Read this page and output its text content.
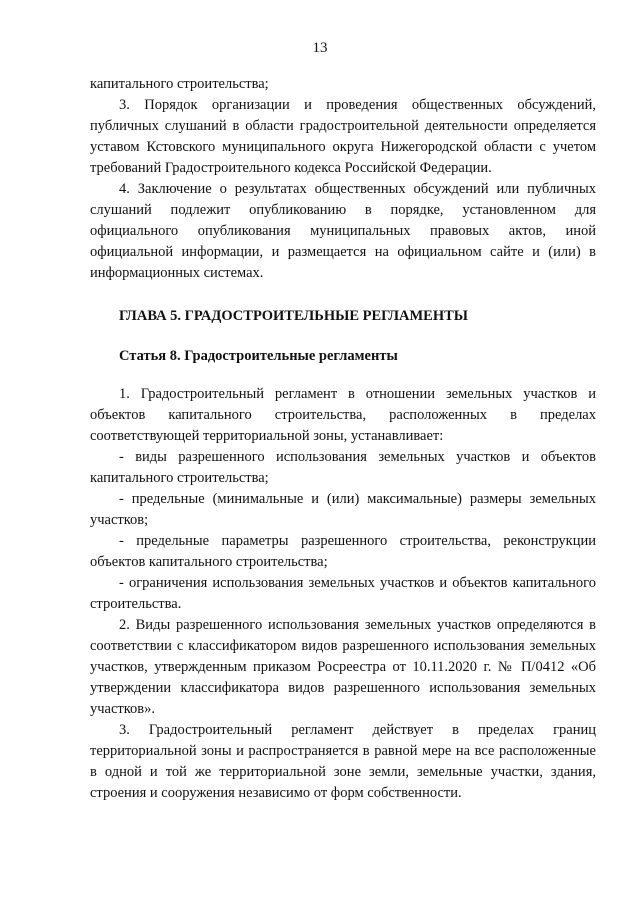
13

капитального строительства;

3. Порядок организации и проведения общественных обсуждений, публичных слушаний в области градостроительной деятельности определяется уставом Кстовского муниципального округа Нижегородской области с учетом требований Градостроительного кодекса Российской Федерации.

4. Заключение о результатах общественных обсуждений или публичных слушаний подлежит опубликованию в порядке, установленном для официального опубликования муниципальных правовых актов, иной официальной информации, и размещается на официальном сайте и (или) в информационных системах.

ГЛАВА 5. ГРАДОСТРОИТЕЛЬНЫЕ РЕГЛАМЕНТЫ

Статья 8. Градостроительные регламенты

1. Градостроительный регламент в отношении земельных участков и объектов капитального строительства, расположенных в пределах соответствующей территориальной зоны, устанавливает:

- виды разрешенного использования земельных участков и объектов капитального строительства;

- предельные (минимальные и (или) максимальные) размеры земельных участков;

- предельные параметры разрешенного строительства, реконструкции объектов капитального строительства;

- ограничения использования земельных участков и объектов капитального строительства.

2. Виды разрешенного использования земельных участков определяются в соответствии с классификатором видов разрешенного использования земельных участков, утвержденным приказом Росреестра от 10.11.2020 г. № П/0412 «Об утверждении классификатора видов разрешенного использования земельных участков».

3. Градостроительный регламент действует в пределах границ территориальной зоны и распространяется в равной мере на все расположенные в одной и той же территориальной зоне земли, земельные участки, здания, строения и сооружения независимо от форм собственности.
